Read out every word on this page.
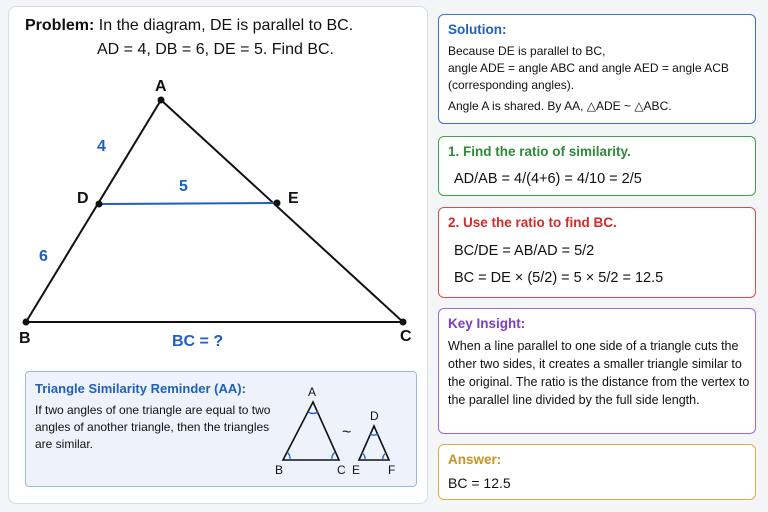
Problem: In the diagram, DE is parallel to BC.
AD = 4, DB = 6, DE = 5. Find BC.
A
B	C
D	E
4
6
5
BC = ?
Triangle Similarity Reminder (AA):
If two angles of one triangle are equal to two angles of another triangle, then the triangles are similar.
A
B	C
~
D
E F
Solution:

Because DE is parallel to BC,

angle ADE = angle ABC and angle AED = angle ACB (corresponding angles).

Angle A is shared. By AA, △ADE ~ △ABC.

1. Find the ratio of similarity.
AD/AB = 4/(4+6) = 4/10 = 2/5
2. Use the ratio to find BC.
BC/DE = AB/AD = 5/2
BC = DE × (5/2) = 5 × 5/2 = 12.5
Key Insight:
When a line parallel to one side of a triangle cuts the other two sides, it creates a smaller triangle similar to the original. The ratio is the distance from the vertex to the parallel line divided by the full side length.
Answer:
BC = 12.5
